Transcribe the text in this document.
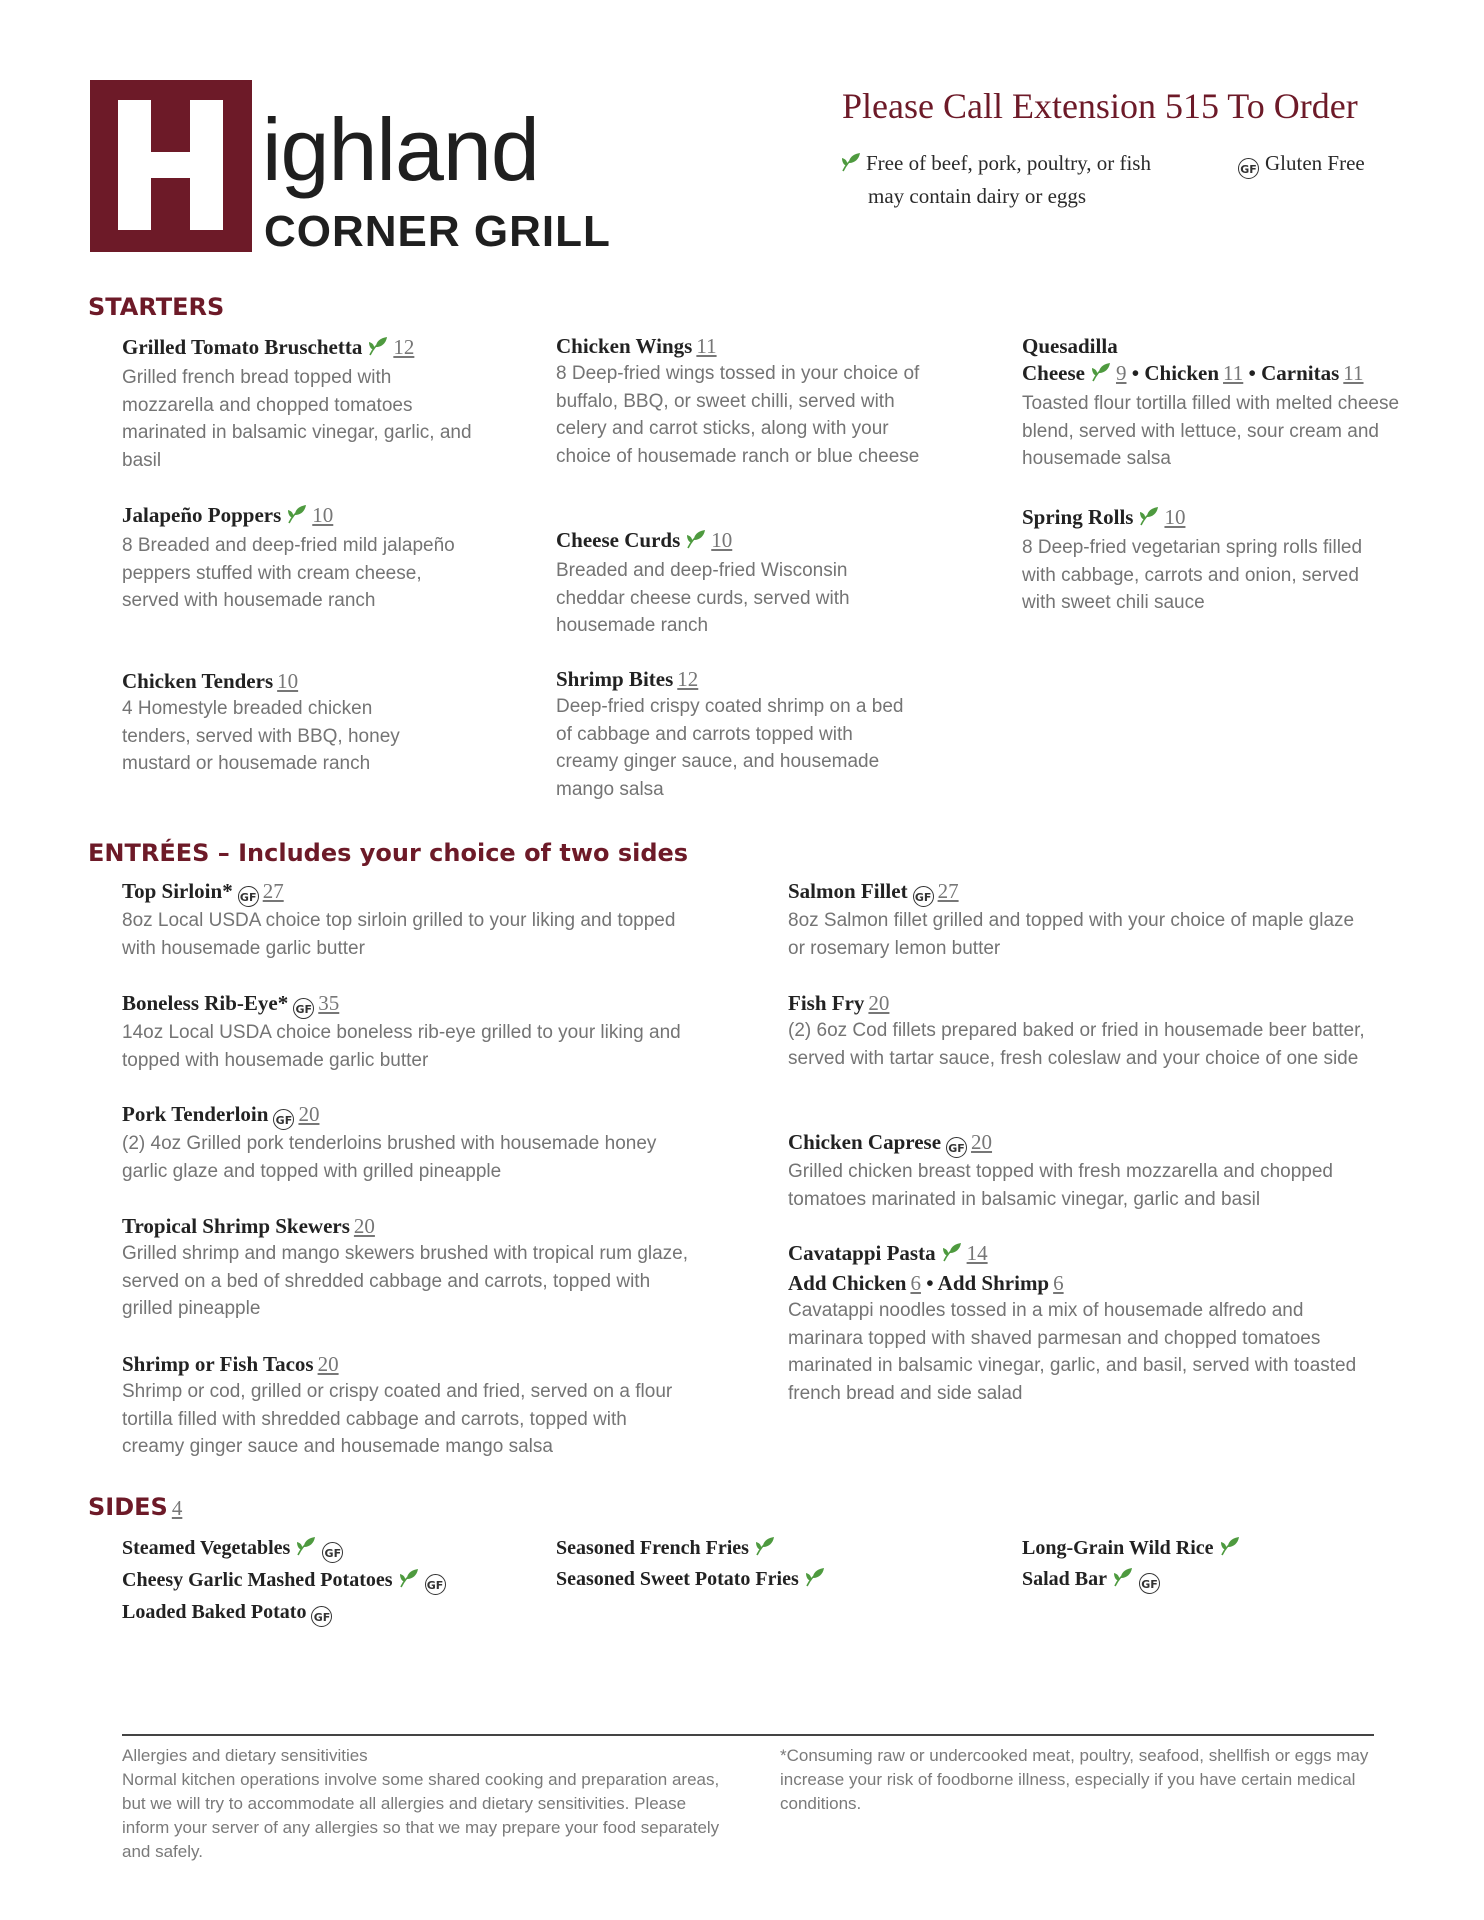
ighland
CORNER GRILL
Please Call Extension 515 To Order
Free of beef, pork, poultry, or fish
may contain dairy or eggs
GF Gluten Free
STARTERS
Grilled Tomato Bruschetta 12
Grilled french bread topped with mozzarella and chopped tomatoes marinated in balsamic vinegar, garlic, and basil
Jalapeño Poppers 10
8 Breaded and deep-fried mild jalapeño peppers stuffed with cream cheese, served with housemade ranch
Chicken Tenders 10
4 Homestyle breaded chicken tenders, served with BBQ, honey mustard or housemade ranch
Chicken Wings 11
8 Deep-fried wings tossed in your choice of buffalo, BBQ, or sweet chilli, served with celery and carrot sticks, along with your choice of housemade ranch or blue cheese
Cheese Curds 10
Breaded and deep-fried Wisconsin cheddar cheese curds, served with housemade ranch
Shrimp Bites 12
Deep-fried crispy coated shrimp on a bed of cabbage and carrots topped with creamy ginger sauce, and housemade mango salsa
Quesadilla
Cheese 9 • Chicken 11 • Carnitas 11
Toasted flour tortilla filled with melted cheese blend, served with lettuce, sour cream and housemade salsa
Spring Rolls 10
8 Deep-fried vegetarian spring rolls filled with cabbage, carrots and onion, served with sweet chili sauce
ENTRÉES – Includes your choice of two sides
Top Sirloin* GF 27
8oz Local USDA choice top sirloin grilled to your liking and topped with housemade garlic butter
Boneless Rib-Eye* GF 35
14oz Local USDA choice boneless rib-eye grilled to your liking and topped with housemade garlic butter
Pork Tenderloin GF 20
(2) 4oz Grilled pork tenderloins brushed with housemade honey garlic glaze and topped with grilled pineapple
Tropical Shrimp Skewers 20
Grilled shrimp and mango skewers brushed with tropical rum glaze, served on a bed of shredded cabbage and carrots, topped with grilled pineapple
Shrimp or Fish Tacos 20
Shrimp or cod, grilled or crispy coated and fried, served on a flour tortilla filled with shredded cabbage and carrots, topped with creamy ginger sauce and housemade mango salsa
Salmon Fillet GF 27
8oz Salmon fillet grilled and topped with your choice of maple glaze or rosemary lemon butter
Fish Fry 20
(2) 6oz Cod fillets prepared baked or fried in housemade beer batter, served with tartar sauce, fresh coleslaw and your choice of one side
Chicken Caprese GF 20
Grilled chicken breast topped with fresh mozzarella and chopped tomatoes marinated in balsamic vinegar, garlic and basil
Cavatappi Pasta 14
Add Chicken 6 • Add Shrimp 6
Cavatappi noodles tossed in a mix of housemade alfredo and marinara topped with shaved parmesan and chopped tomatoes marinated in balsamic vinegar, garlic, and basil, served with toasted french bread and side salad
SIDES 4
Steamed Vegetables	GF
Cheesy Garlic Mashed Potatoes	GF
Loaded Baked Potato GF
Seasoned French Fries
Seasoned Sweet Potato Fries
Long-Grain Wild Rice
Salad Bar	GF
Allergies and dietary sensitivities
Normal kitchen operations involve some shared cooking and preparation areas, but we will try to accommodate all allergies and dietary sensitivities. Please inform your server of any allergies so that we may prepare your food separately and safely.
*Consuming raw or undercooked meat, poultry, seafood, shellfish or eggs may increase your risk of foodborne illness, especially if you have certain medical conditions.
